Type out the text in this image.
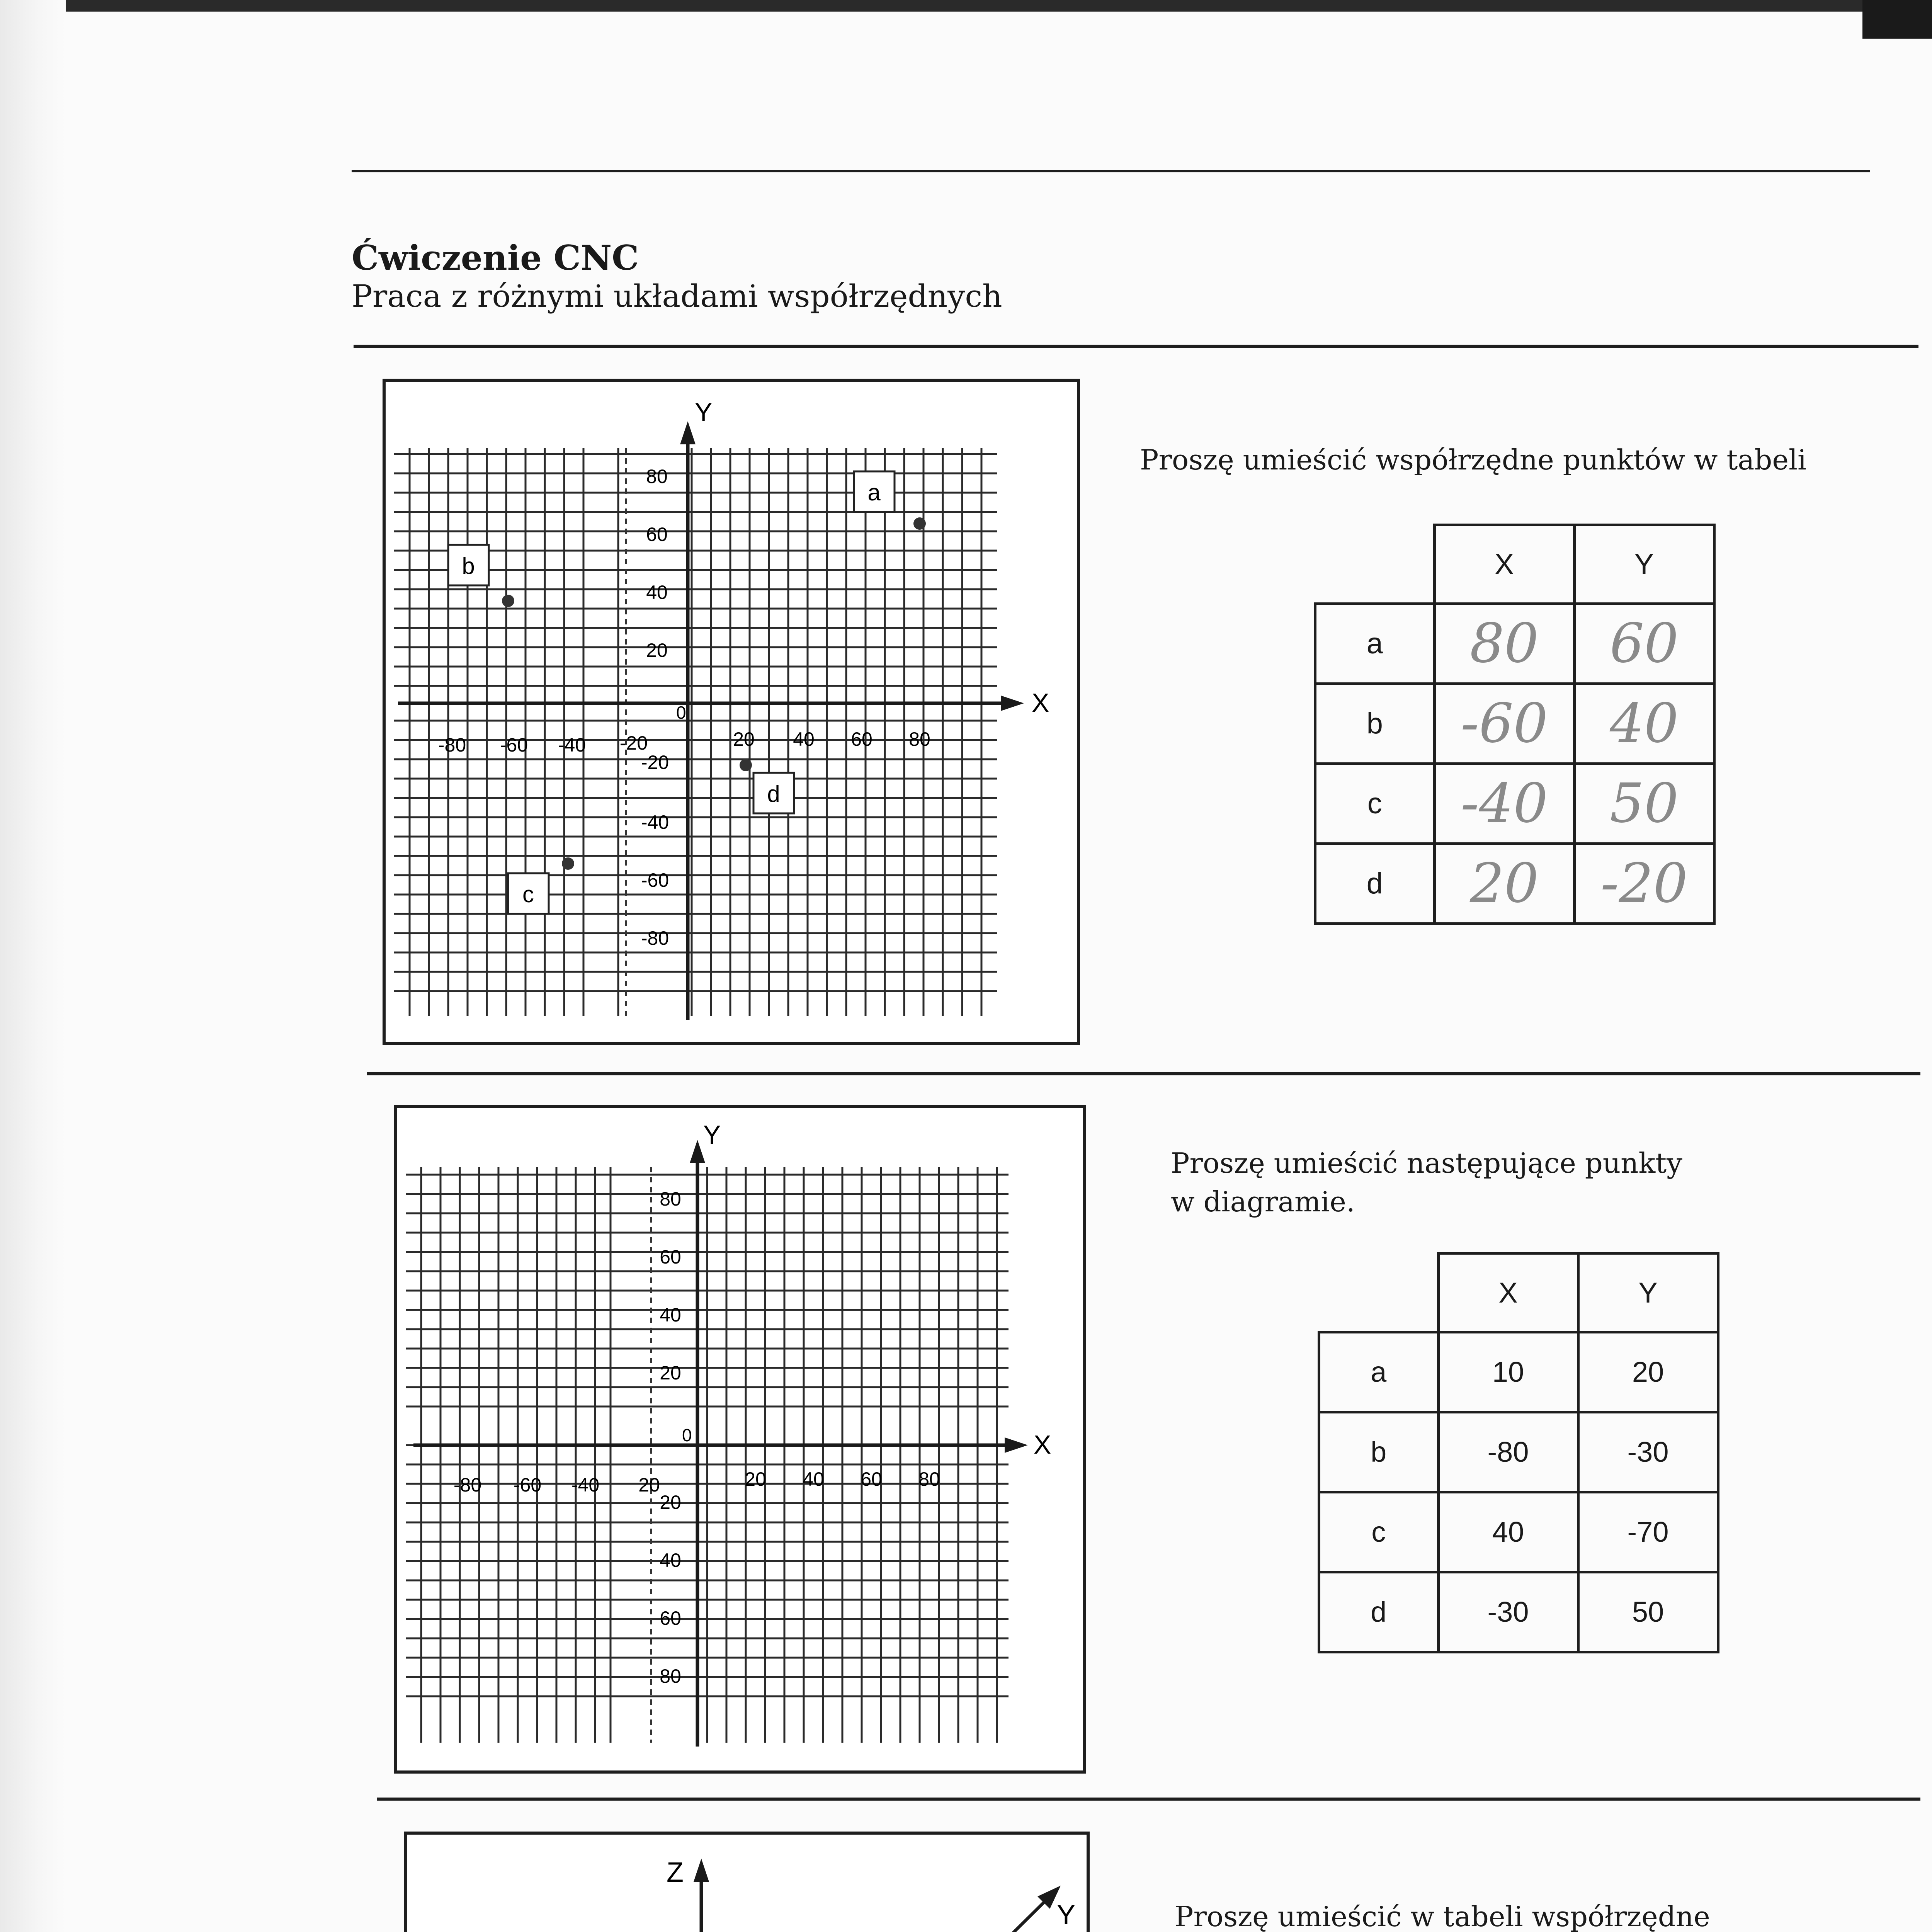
Ćwiczenie CNC
Praca z różnymi układami współrzędnych
X
Y
0
-80 -60 -40 -20	20 40 60 80
80
60
40
20
-20
-40
-60
-80
a
b
c
d
Proszę umieścić współrzędne punktów w tabeli
	X	Y
a	80	60
b	-60	40
c	-40	50
d	20	-20
X
Y
0
-80 -60 -40 20	20 40 60 80
80
60
40
20
20
40
60
80
Proszę umieścić następujące punkty
w diagramie.
	X	Y
a	10	20
b	-80	-30
c	40	-70
d	-30	50
Y
Z
Proszę umieścić w tabeli współrzędne
